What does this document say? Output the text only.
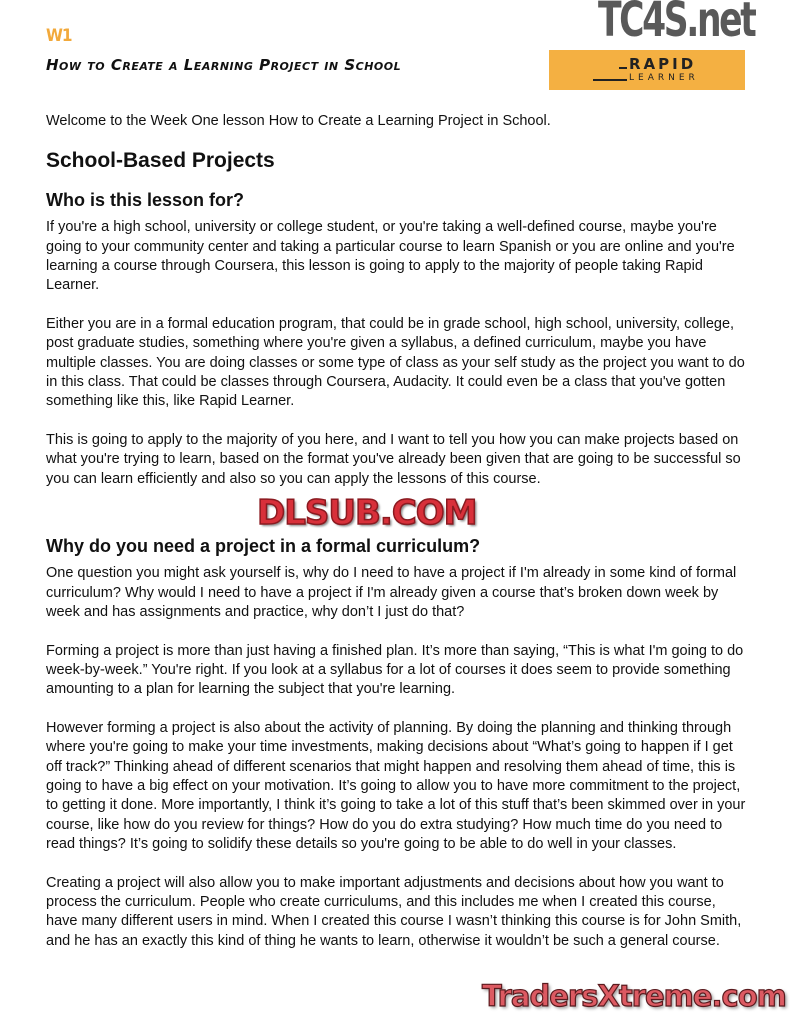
W1
How to Create a Learning Project in School
TC4S.net
RAPID
LEARNER

Welcome to the Week One lesson How to Create a Learning Project in School.

School-Based Projects
Who is this lesson for?

If you're a high school, university or college student, or you're taking a well-defined course, maybe you're going to your community center and taking a particular course to learn Spanish or you are online and you're learning a course through Coursera, this lesson is going to apply to the majority of people taking Rapid Learner.

Either you are in a formal education program, that could be in grade school, high school, university, college, post graduate studies, something where you're given a syllabus, a defined curriculum, maybe you have multiple classes. You are doing classes or some type of class as your self study as the project you want to do in this class. That could be classes through Coursera, Audacity. It could even be a class that you've gotten something like this, like Rapid Learner.

This is going to apply to the majority of you here, and I want to tell you how you can make projects based on what you're trying to learn, based on the format you've already been given that are going to be successful so you can learn efficiently and also so you can apply the lessons of this course.

DLSUB.COM
Why do you need a project in a formal curriculum?

One question you might ask yourself is, why do I need to have a project if I'm already in some kind of formal curriculum? Why would I need to have a project if I'm already given a course that’s broken down week by week and has assignments and practice, why don’t I just do that?

Forming a project is more than just having a finished plan. It’s more than saying, “This is what I'm going to do week-by-week.” You're right. If you look at a syllabus for a lot of courses it does seem to provide something amounting to a plan for learning the subject that you're learning.

However forming a project is also about the activity of planning. By doing the planning and thinking through where you're going to make your time investments, making decisions about “What’s going to happen if I get off track?” Thinking ahead of different scenarios that might happen and resolving them ahead of time, this is going to have a big effect on your motivation. It’s going to allow you to have more commitment to the project, to getting it done. More importantly, I think it’s going to take a lot of this stuff that’s been skimmed over in your course, like how do you review for things? How do you do extra studying? How much time do you need to read things? It’s going to solidify these details so you're going to be able to do well in your classes.

Creating a project will also allow you to make important adjustments and decisions about how you want to process the curriculum. People who create curriculums, and this includes me when I created this course, have many different users in mind. When I created this course I wasn’t thinking this course is for John Smith, and he has an exactly this kind of thing he wants to learn, otherwise it wouldn’t be such a general course.

TradersXtreme.com
